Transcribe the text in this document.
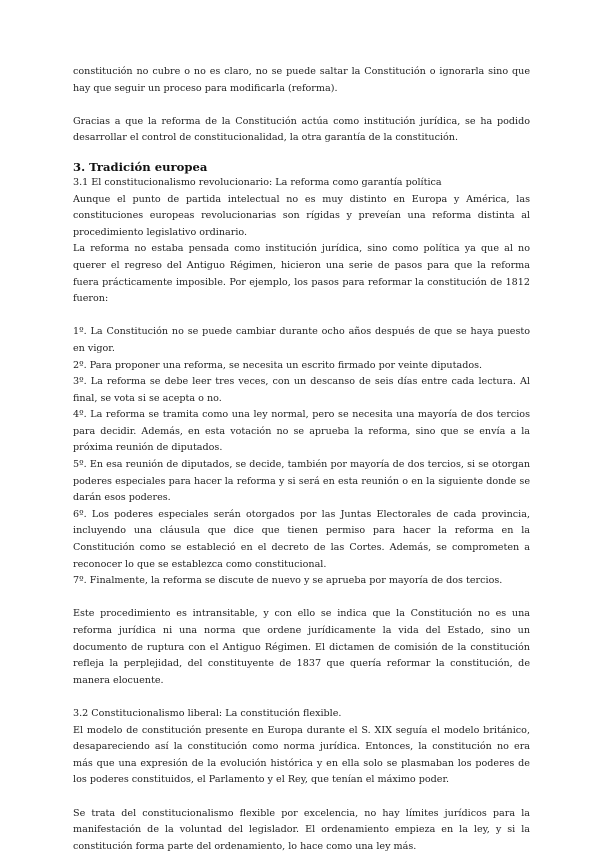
constitución no cubre o no es claro, no se puede saltar la Constitución o ignorarla sino que hay que seguir un proceso para modificarla (reforma).

Gracias a que la reforma de la Constitución actúa como institución jurídica, se ha podido desarrollar el control de constitucionalidad, la otra garantía de la constitución.

3. Tradición europea

3.1 El constitucionalismo revolucionario: La reforma como garantía política

Aunque el punto de partida intelectual no es muy distinto en Europa y América, las constituciones europeas revolucionarias son rígidas y preveían una reforma distinta al procedimiento legislativo ordinario.

La reforma no estaba pensada como institución jurídica, sino como política ya que al no querer el regreso del Antiguo Régimen, hicieron una serie de pasos para que la reforma fuera prácticamente imposible. Por ejemplo, los pasos para reformar la constitución de 1812 fueron:

1º. La Constitución no se puede cambiar durante ocho años después de que se haya puesto en vigor.

2º. Para proponer una reforma, se necesita un escrito firmado por veinte diputados.

3º. La reforma se debe leer tres veces, con un descanso de seis días entre cada lectura. Al final, se vota si se acepta o no.

4º. La reforma se tramita como una ley normal, pero se necesita una mayoría de dos tercios para decidir. Además, en esta votación no se aprueba la reforma, sino que se envía a la próxima reunión de diputados.

5º. En esa reunión de diputados, se decide, también por mayoría de dos tercios, si se otorgan poderes especiales para hacer la reforma y si será en esta reunión o en la siguiente donde se darán esos poderes.

6º. Los poderes especiales serán otorgados por las Juntas Electorales de cada provincia, incluyendo una cláusula que dice que tienen permiso para hacer la reforma en la Constitución como se estableció en el decreto de las Cortes. Además, se comprometen a reconocer lo que se establezca como constitucional.

7º. Finalmente, la reforma se discute de nuevo y se aprueba por mayoría de dos tercios.

Este procedimiento es intransitable, y con ello se indica que la Constitución no es una reforma jurídica ni una norma que ordene jurídicamente la vida del Estado, sino un documento de ruptura con el Antiguo Régimen. El dictamen de comisión de la constitución refleja la perplejidad, del constituyente de 1837 que quería reformar la constitución, de manera elocuente.

3.2 Constitucionalismo liberal: La constitución flexible.

El modelo de constitución presente en Europa durante el S. XIX seguía el modelo británico, desapareciendo así la constitución como norma jurídica. Entonces, la constitución no era más que una expresión de la evolución histórica y en ella solo se plasmaban los poderes de los poderes constituidos, el Parlamento y el Rey, que tenían el máximo poder.

Se trata del constitucionalismo flexible por excelencia, no hay límites jurídicos para la manifestación de la voluntad del legislador. El ordenamiento empieza en la ley, y si la constitución forma parte del ordenamiento, lo hace como una ley más.
